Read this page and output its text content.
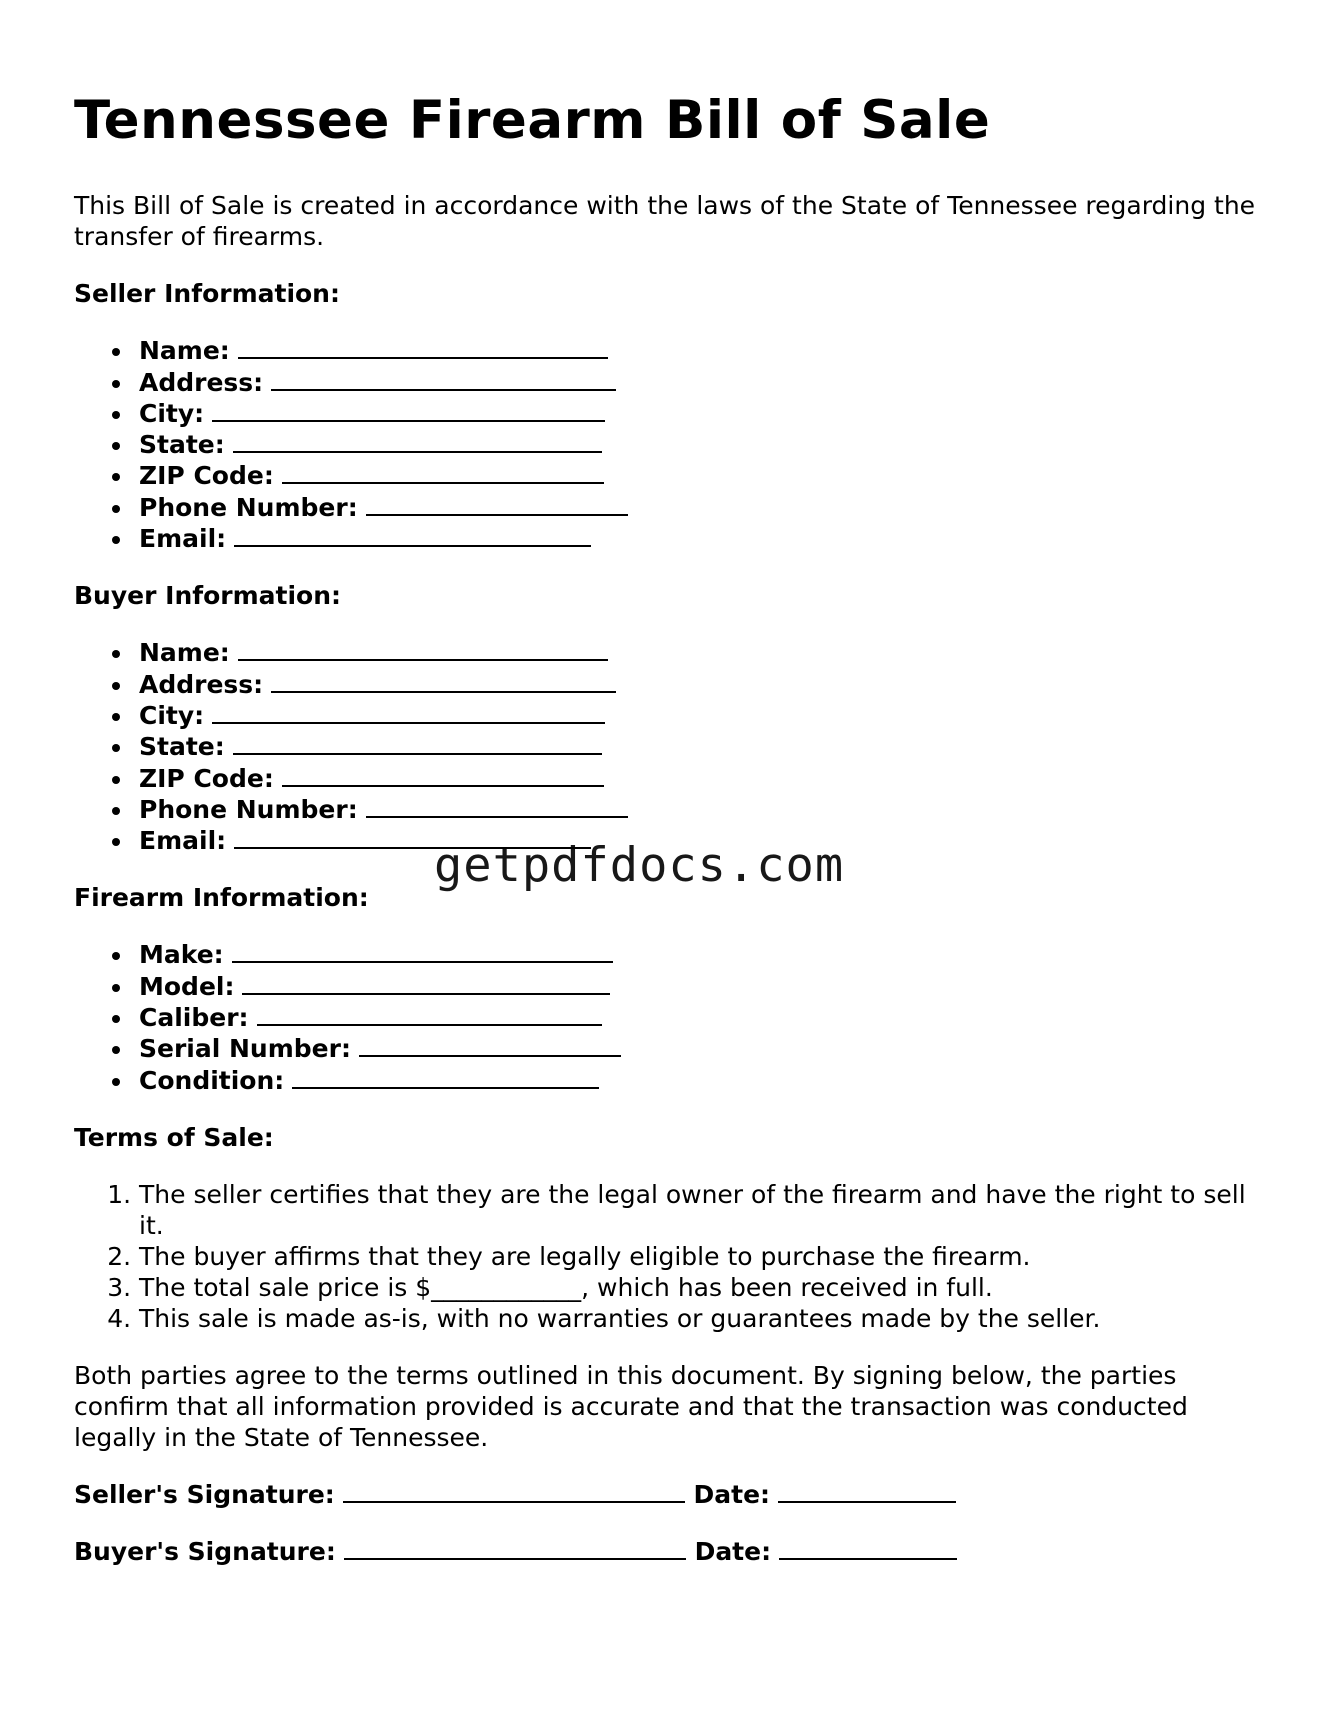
Tennessee Firearm Bill of Sale

This Bill of Sale is created in accordance with the laws of the State of Tennessee regarding the transfer of firearms.

Seller Information:
Name:
Address:
City:
State:
ZIP Code:
Phone Number:
Email:
Buyer Information:
Name:
Address:
City:
State:
ZIP Code:
Phone Number:
Email:
Firearm Information:
Make:
Model:
Caliber:
Serial Number:
Condition:
Terms of Sale:
1. The seller certifies that they are the legal owner of the firearm and have the right to sell it.
2. The buyer affirms that they are legally eligible to purchase the firearm.
3. The total sale price is $____________, which has been received in full.
4. This sale is made as-is, with no warranties or guarantees made by the seller.

Both parties agree to the terms outlined in this document. By signing below, the parties confirm that all information provided is accurate and that the transaction was conducted legally in the State of Tennessee.

Seller's Signature:	Date:
Buyer's Signature:	Date:
getpdfdocs.com
